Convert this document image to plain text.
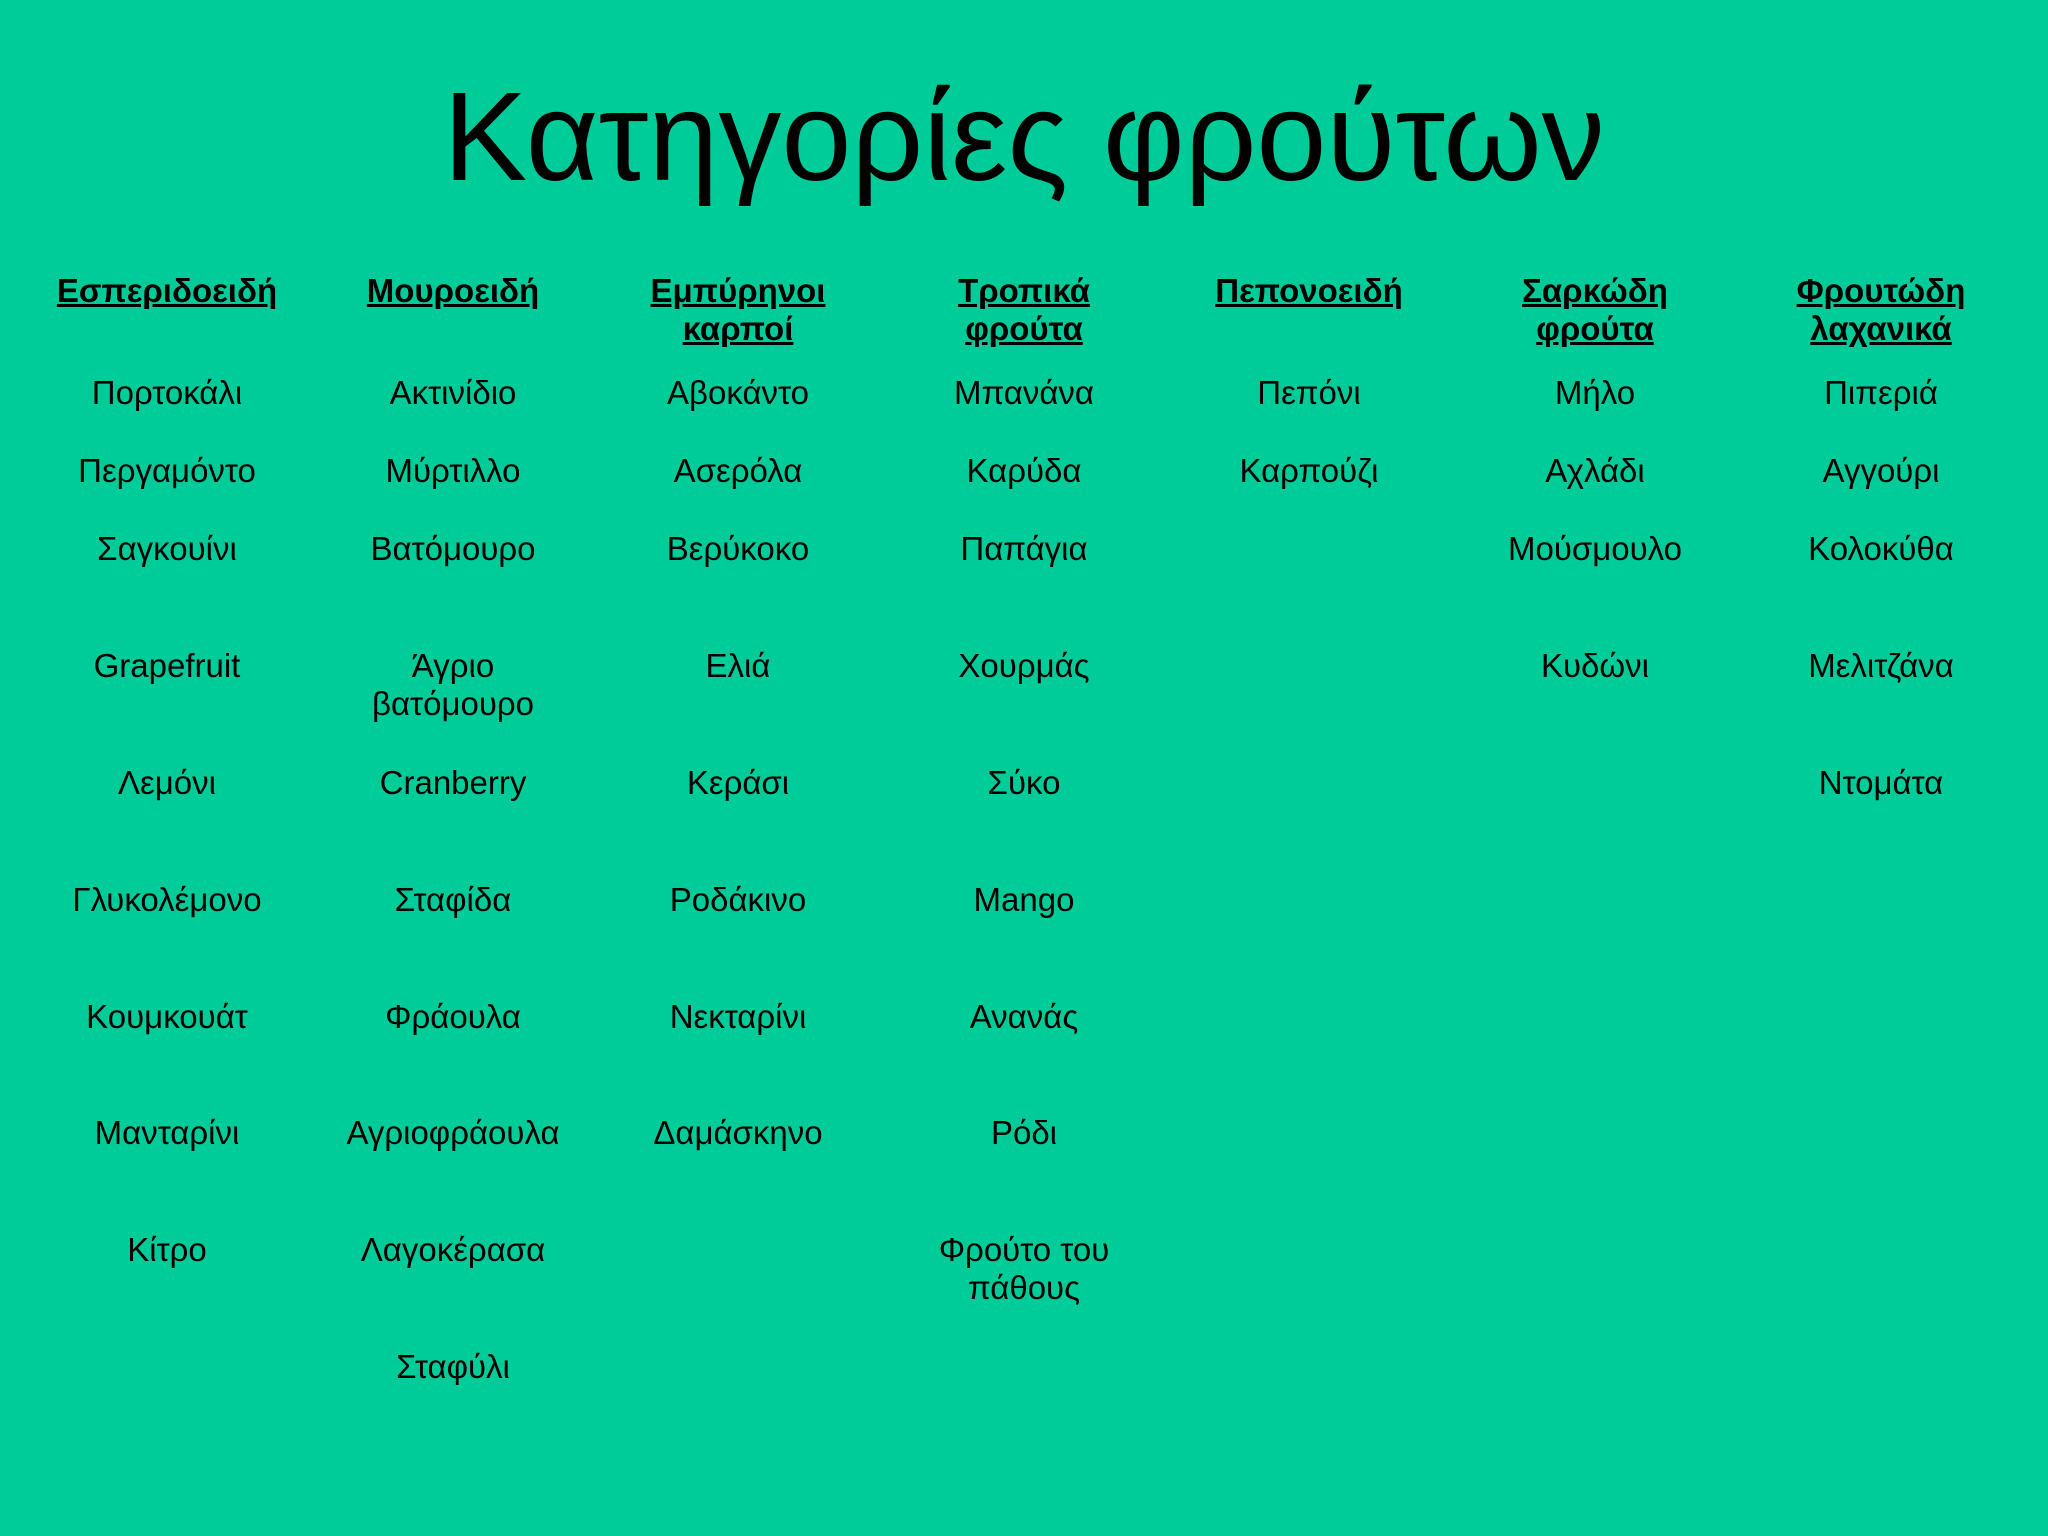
Κατηγορίες φρούτων
Εσπεριδοειδή
Πορτοκάλι
Περγαμόντο
Σαγκουίνι
Grapefruit
Λεμόνι
Γλυκολέμονο
Κουμκουάτ
Μανταρίνι
Κίτρο
Μουροειδή
Ακτινίδιο
Μύρτιλλο
Βατόμουρο
Άγριο
βατόμουρο
Cranberry
Σταφίδα
Φράουλα
Αγριοφράουλα
Λαγοκέρασα
Σταφύλι
Εμπύρηνοι
καρποί
Αβοκάντο
Ασερόλα
Βερύκοκο
Ελιά
Κεράσι
Ροδάκινο
Νεκταρίνι
Δαμάσκηνο
Τροπικά
φρούτα
Μπανάνα
Καρύδα
Παπάγια
Χουρμάς
Σύκο
Mango
Ανανάς
Ρόδι
Φρούτο του
πάθους
Πεπονοειδή
Πεπόνι
Καρπούζι
Σαρκώδη
φρούτα
Μήλο
Αχλάδι
Μούσμουλο
Κυδώνι
Φρουτώδη
λαχανικά
Πιπεριά
Αγγούρι
Κολοκύθα
Μελιτζάνα
Ντομάτα
